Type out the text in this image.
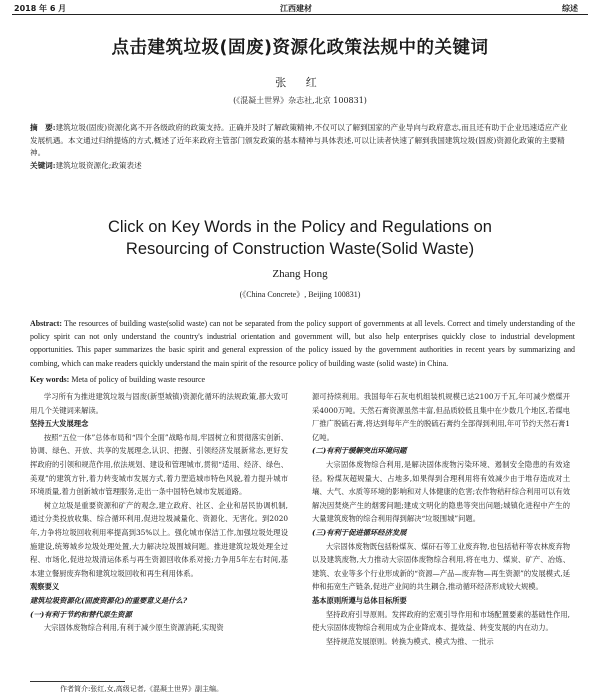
2018 年 6 月	江西建材	综述
点击建筑垃圾(固废)资源化政策法规中的关键词
张 红
(《混凝土世界》杂志社,北京 100831)
摘　要:建筑垃圾(固废)资源化离不开各级政府的政策支持。正确并及时了解政策精神,不仅可以了解到国家的产业导向与政府意志,而且还有助于企业迅速适应产业发展机遇。本文通过归纳提炼的方式,概述了近年来政府主管部门颁发政策的基本精神与具体表述,可以让读者快速了解到我国建筑垃圾(固废)资源化政策的主要精神。
关键词:建筑垃圾资源化;政策表述
Click on Key Words in the Policy and Regulations on
Resourcing of Construction Waste(Solid Waste)
Zhang Hong
(《China Concrete》, Beijing 100831)
Abstract: The resources of building waste(solid waste) can not be separated from the policy support of governments at all levels. Correct and timely understanding of the policy spirit can not only understand the country's industrial orientation and government will, but also help enterprises quickly close to industrial development opportunities. This paper summarizes the basic spirit and general expression of the policy issued by the government authorities in recent years by summarizing and combing, which can make readers quickly understand the main spirit of the resource policy of building waste (solid waste) in China.
Key words: Meta of policy of building waste resource

学习所有为推进建筑垃圾与固废(新型城镇)资源化循环的法规政策,都大致可用几个关键词来解读。

坚持五大发展理念

按照“五位一体”总体布局和“四个全面”战略布局,牢固树立和贯彻落实创新、协调、绿色、开放、共享的发展理念,认识、把握、引领经济发展新常态,更好发挥政府的引领和规范作用,依法规划、建设和管理城市,贯彻“适用、经济、绿色、美观”的建筑方针,着力转变城市发展方式,着力塑造城市特色风貌,着力提升城市环境质量,着力创新城市管理服务,走出一条中国特色城市发展道路。

树立垃圾是重要资源和矿产的观念,建立政府、社区、企业和居民协调机制,通过分类投放收集、综合循环利用,促进垃圾减量化、资源化、无害化。到2020年,力争将垃圾回收利用率提高到35%以上。强化城市保洁工作,加强垃圾处理设施建设,统筹城乡垃圾处理处置,大力解决垃圾围城问题。推进建筑垃圾处理全过程、市场化,促进垃圾清运体系与再生资源回收体系对接;力争用5年左右时间,基本建立餐厨废弃物和建筑垃圾回收和再生利用体系。

观察要义

建筑垃圾资源化(固废资源化)的重要意义是什么?

(一)有利于节约和替代原生资源

大宗固体废物综合利用,有利于减少原生资源消耗,实现资

源可持续利用。我国每年石灰电机组装机规模已达2100万千瓦,年可减少燃煤开采4000万吨。天然石膏资源虽然丰富,但品质较低且集中在少数几个地区,若煤电厂推广脱硫石膏,将达到每年产生的脱硫石膏约全部得到利用,年可节约天然石膏1亿吨。

(二)有利于缓解突出环境问题

大宗固体废物综合利用,是解决固体废物污染环境、遏制安全隐患的有效途径。粉煤灰超规量大、占地多,如果得到合理利用将有效减少由于堆存造成对土壤、大气、水质等环境的影响和对人体健康的危害;农作物秸秆综合利用可以有效解决因焚烧产生的烟雾问题;建成文明化的隐患等突出问题;城镇化进程中产生的大量建筑废物的综合利用得到解决“垃圾围城”问题。

(三)有利于促进循环经济发展

大宗固体废物既包括粉煤灰、煤矸石等工业废弃物,也包括秸秆等农林废弃物以及建筑废物,大力推动大宗固体废物综合利用,将在电力、煤炭、矿产、冶炼、建筑、农业等多个行业形成新的“资源—产品—废弃物—再生资源”的发展模式,延伸和拓宽生产链条,促进产业间的共生耦合,推动循环经济形成较大规模。

基本原则所遵与总体目标所要

坚持政府引导原则。发挥政府的宏观引导作用和市场配置要素的基础性作用,使大宗固体废物综合利用成为企业降成本、提效益、转变发展的内在动力。

坚持规范发展原则。转换为模式、模式为推、一批示

作者简介:张红,女,高级记者,《混凝土世界》副主编。
